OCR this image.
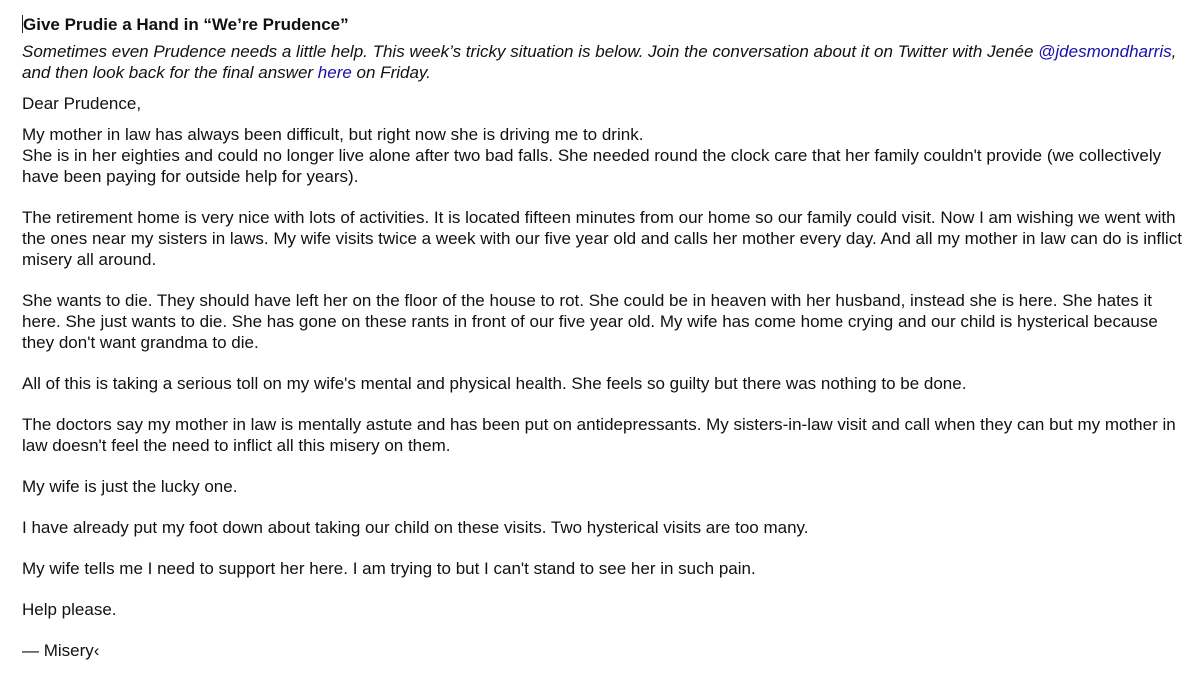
Give Prudie a Hand in “We’re Prudence”
Sometimes even Prudence needs a little help. This week’s tricky situation is below. Join the conversation about it on Twitter with Jenée @jdesmondharris, and then look back for the final answer here on Friday.

Dear Prudence,

My mother in law has always been difficult, but right now she is driving me to drink.
She is in her eighties and could no longer live alone after two bad falls. She needed round the clock care that her family couldn't provide (we collectively have been paying for outside help for years).

The retirement home is very nice with lots of activities. It is located fifteen minutes from our home so our family could visit. Now I am wishing we went with the ones near my sisters in laws. My wife visits twice a week with our five year old and calls her mother every day. And all my mother in law can do is inflict misery all around.

She wants to die. They should have left her on the floor of the house to rot. She could be in heaven with her husband, instead she is here. She hates it here. She just wants to die. She has gone on these rants in front of our five year old. My wife has come home crying and our child is hysterical because they don't want grandma to die.

All of this is taking a serious toll on my wife's mental and physical health. She feels so guilty but there was nothing to be done.

The doctors say my mother in law is mentally astute and has been put on antidepressants. My sisters-in-law visit and call when they can but my mother in law doesn't feel the need to inflict all this misery on them.

My wife is just the lucky one.

I have already put my foot down about taking our child on these visits. Two hysterical visits are too many.

My wife tells me I need to support her here. I am trying to but I can't stand to see her in such pain.

Help please.

— Misery‹
